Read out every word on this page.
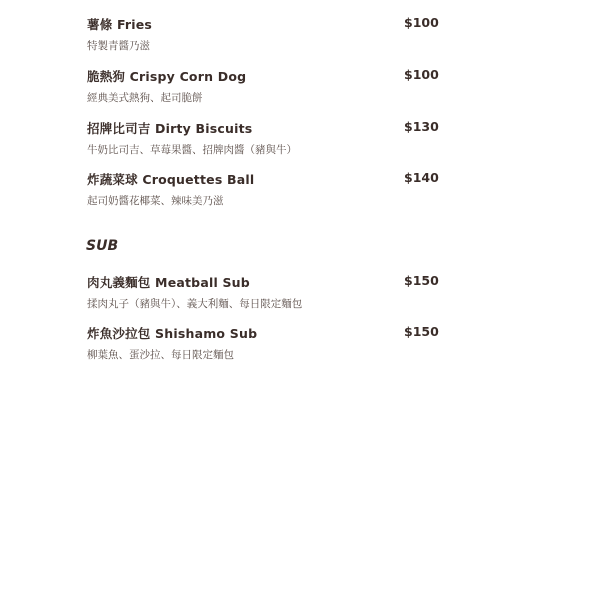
薯條 Fries
特製青醬乃滋
$100
脆熱狗 Crispy Corn Dog
經典美式熱狗、起司脆餅
$100
招牌比司吉 Dirty Biscuits
牛奶比司吉、草莓果醬、招牌肉醬（豬與牛）
$130
炸蔬菜球 Croquettes Ball
起司奶醬花椰菜、辣味美乃滋
$140
SUB
肉丸義麵包 Meatball Sub
揉肉丸子（豬與牛）、義大利麵、每日限定麵包
$150
炸魚沙拉包 Shishamo Sub
柳葉魚、蛋沙拉、每日限定麵包
$150
